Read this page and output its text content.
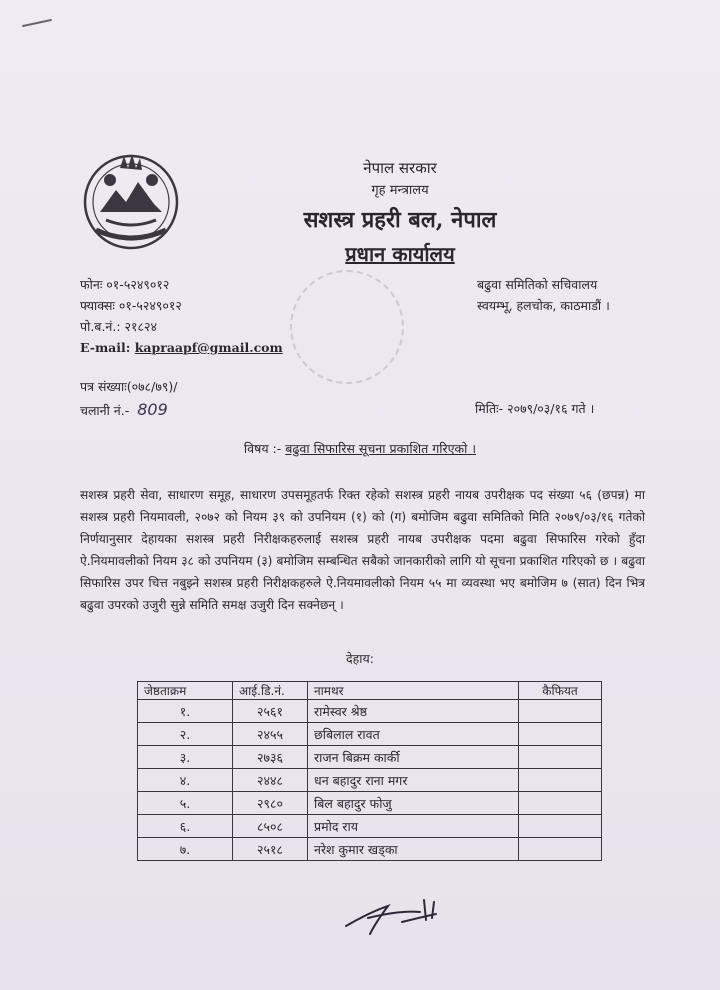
नेपाल सरकार
गृह मन्त्रालय
सशस्त्र प्रहरी बल, नेपाल
प्रधान कार्यालय
फोनः ०१-५२४९०१२
फ्याक्सः ०१-५२४९०१२
पो.ब.नं.: २१८२४
E-mail: kapraapf@gmail.com
बढुवा समितिको सचिवालय
स्वयम्भू, हलचोक, काठमाडौं ।
पत्र संख्याः(०७८/७९)/
चलानी नं.- 809	मितिः- २०७९/०३/१६ गते ।
विषय :- बढुवा सिफारिस सूचना प्रकाशित गरिएको ।
सशस्त्र प्रहरी सेवा, साधारण समूह, साधारण उपसमूहतर्फ रिक्त रहेको सशस्त्र प्रहरी नायब उपरीक्षक पद संख्या ५६ (छपन्न) मा सशस्त्र प्रहरी नियमावली, २०७२ को नियम ३९ को उपनियम (१) को (ग) बमोजिम बढुवा समितिको मिति २०७९/०३/१६ गतेको निर्णयानुसार देहायका सशस्त्र प्रहरी निरीक्षकहरुलाई सशस्त्र प्रहरी नायब उपरीक्षक पदमा बढुवा सिफारिस गरेको हुँदा ऐ.नियमावलीको नियम ३८ को उपनियम (३) बमोजिम सम्बन्धित सबैको जानकारीको लागि यो सूचना प्रकाशित गरिएको छ । बढुवा सिफारिस उपर चित्त नबुझ्ने सशस्त्र प्रहरी निरीक्षकहरुले ऐ.नियमावलीको नियम ५५ मा व्यवस्था भए बमोजिम ७ (सात) दिन भित्र बढुवा उपरको उजुरी सुन्ने समिति समक्ष उजुरी दिन सक्नेछन् ।
देहाय:
जेष्ठताक्रम	आई.डि.नं.	नामथर	कैफियत
१.	२५६१	रामेस्वर श्रेष्ठ	
२.	२४५५	छबिलाल रावत	
३.	२७३६	राजन बिक्रम कार्की	
४.	२४४८	धन बहादुर राना मगर	
५.	२९८०	बिल बहादुर फोजु	
६.	८५०८	प्रमोद राय	
७.	२५१८	नरेश कुमार खड्का	
